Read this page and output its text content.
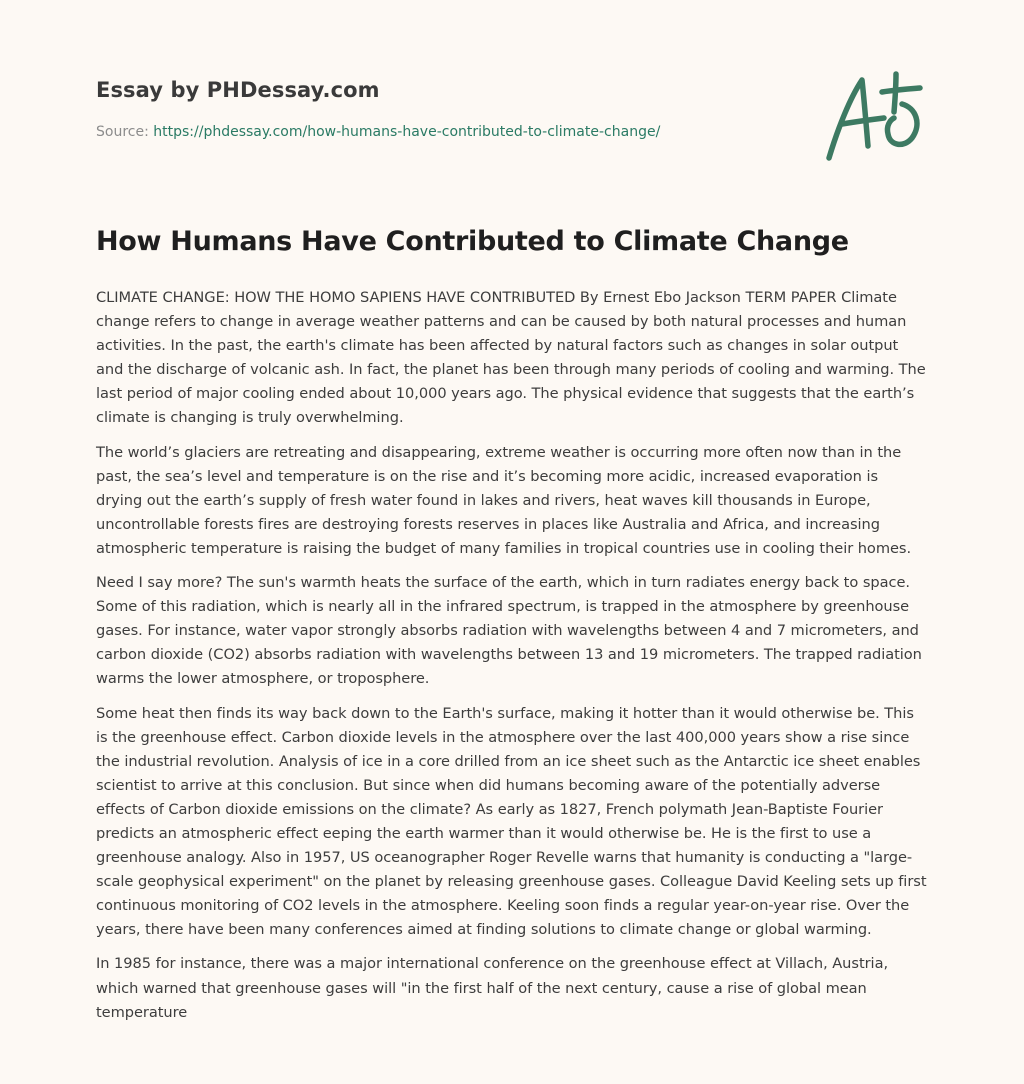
Essay by PHDessay.com
Source: https://phdessay.com/how-humans-have-contributed-to-climate-change/
How Humans Have Contributed to Climate Change

CLIMATE CHANGE: HOW THE HOMO SAPIENS HAVE CONTRIBUTED By Ernest Ebo Jackson TERM PAPER Climate change refers to change in average weather patterns and can be caused by both natural processes and human activities. In the past, the earth's climate has been affected by natural factors such as changes in solar output and the discharge of volcanic ash. In fact, the planet has been through many periods of cooling and warming. The last period of major cooling ended about 10,000 years ago. The physical evidence that suggests that the earth’s climate is changing is truly overwhelming.

The world’s glaciers are retreating and disappearing, extreme weather is occurring more often now than in the past, the sea’s level and temperature is on the rise and it’s becoming more acidic, increased evaporation is drying out the earth’s supply of fresh water found in lakes and rivers, heat waves kill thousands in Europe, uncontrollable forests fires are destroying forests reserves in places like Australia and Africa, and increasing atmospheric temperature is raising the budget of many families in tropical countries use in cooling their homes.

Need I say more? The sun's warmth heats the surface of the earth, which in turn radiates energy back to space. Some of this radiation, which is nearly all in the infrared spectrum, is trapped in the atmosphere by greenhouse gases. For instance, water vapor strongly absorbs radiation with wavelengths between 4 and 7 micrometers, and carbon dioxide (CO2) absorbs radiation with wavelengths between 13 and 19 micrometers. The trapped radiation warms the lower atmosphere, or troposphere.

Some heat then finds its way back down to the Earth's surface, making it hotter than it would otherwise be. This is the greenhouse effect. Carbon dioxide levels in the atmosphere over the last 400,000 years show a rise since the industrial revolution. Analysis of ice in a core drilled from an ice sheet such as the Antarctic ice sheet enables scientist to arrive at this conclusion. But since when did humans becoming aware of the potentially adverse effects of Carbon dioxide emissions on the climate? As early as 1827, French polymath Jean-Baptiste Fourier predicts an atmospheric effect eeping the earth warmer than it would otherwise be. He is the first to use a greenhouse analogy. Also in 1957, US oceanographer Roger Revelle warns that humanity is conducting a "large-scale geophysical experiment" on the planet by releasing greenhouse gases. Colleague David Keeling sets up first continuous monitoring of CO2 levels in the atmosphere. Keeling soon finds a regular year-on-year rise. Over the years, there have been many conferences aimed at finding solutions to climate change or global warming.

In 1985 for instance, there was a major international conference on the greenhouse effect at Villach, Austria, which warned that greenhouse gases will "in the first half of the next century, cause a rise of global mean temperature
